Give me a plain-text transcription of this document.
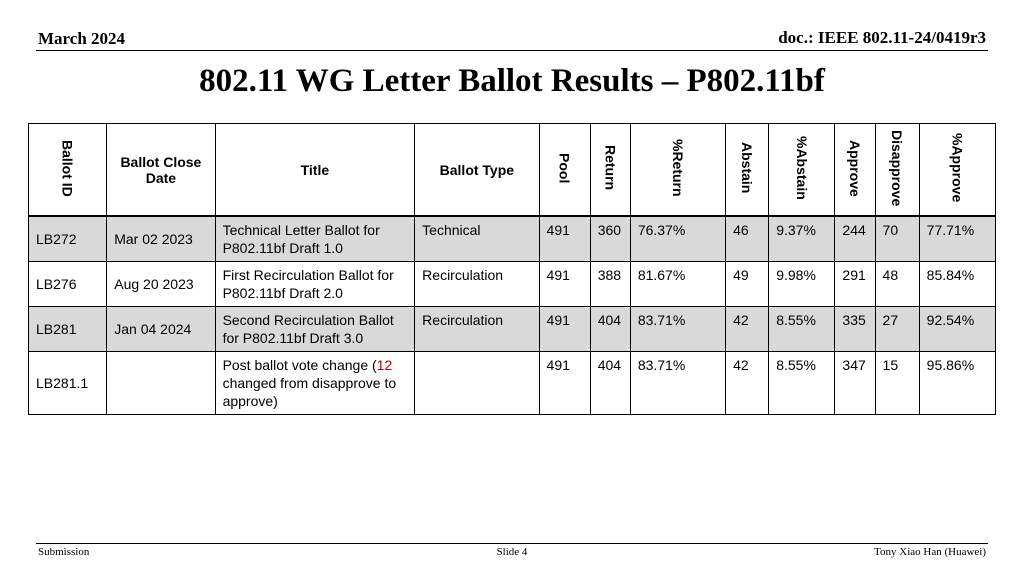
March 2024	doc.: IEEE 802.11-24/0419r3
802.11 WG Letter Ballot Results – P802.11bf
Ballot ID	Ballot Close Date	Title	Ballot Type	Pool	Return	%Return	Abstain	%Abstain	Approve	Disapprove	%Approve
LB272	Mar 02 2023	Technical Letter Ballot for P802.11bf Draft 1.0	Technical	491	360	76.37%	46	9.37%	244	70	77.71%
LB276	Aug 20 2023	First Recirculation Ballot for P802.11bf Draft 2.0	Recirculation	491	388	81.67%	49	9.98%	291	48	85.84%
LB281	Jan 04 2024	Second Recirculation Ballot for P802.11bf Draft 3.0	Recirculation	491	404	83.71%	42	8.55%	335	27	92.54%
LB281.1		Post ballot vote change (12 changed from disapprove to approve)		491	404	83.71%	42	8.55%	347	15	95.86%
Submission	Slide 4	Tony Xiao Han (Huawei)
